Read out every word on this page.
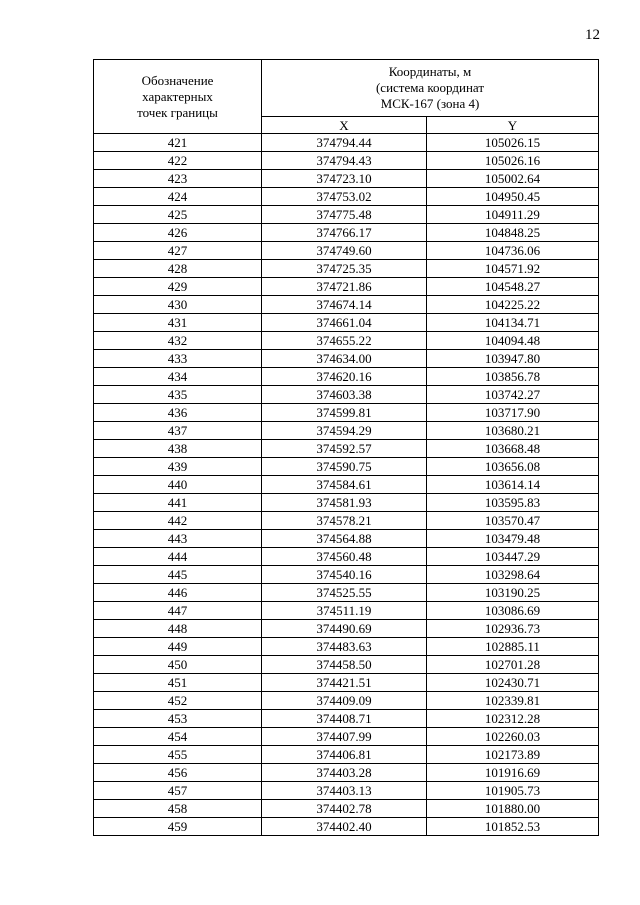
12
Обозначение
характерных
точек границы	Координаты, м
(система координат
МСК-167 (зона 4)	

	X	Y
421	374794.44	105026.15
422	374794.43	105026.16
423	374723.10	105002.64
424	374753.02	104950.45
425	374775.48	104911.29
426	374766.17	104848.25
427	374749.60	104736.06
428	374725.35	104571.92
429	374721.86	104548.27
430	374674.14	104225.22
431	374661.04	104134.71
432	374655.22	104094.48
433	374634.00	103947.80
434	374620.16	103856.78
435	374603.38	103742.27
436	374599.81	103717.90
437	374594.29	103680.21
438	374592.57	103668.48
439	374590.75	103656.08
440	374584.61	103614.14
441	374581.93	103595.83
442	374578.21	103570.47
443	374564.88	103479.48
444	374560.48	103447.29
445	374540.16	103298.64
446	374525.55	103190.25
447	374511.19	103086.69
448	374490.69	102936.73
449	374483.63	102885.11
450	374458.50	102701.28
451	374421.51	102430.71
452	374409.09	102339.81
453	374408.71	102312.28
454	374407.99	102260.03
455	374406.81	102173.89
456	374403.28	101916.69
457	374403.13	101905.73
458	374402.78	101880.00
459	374402.40	101852.53
